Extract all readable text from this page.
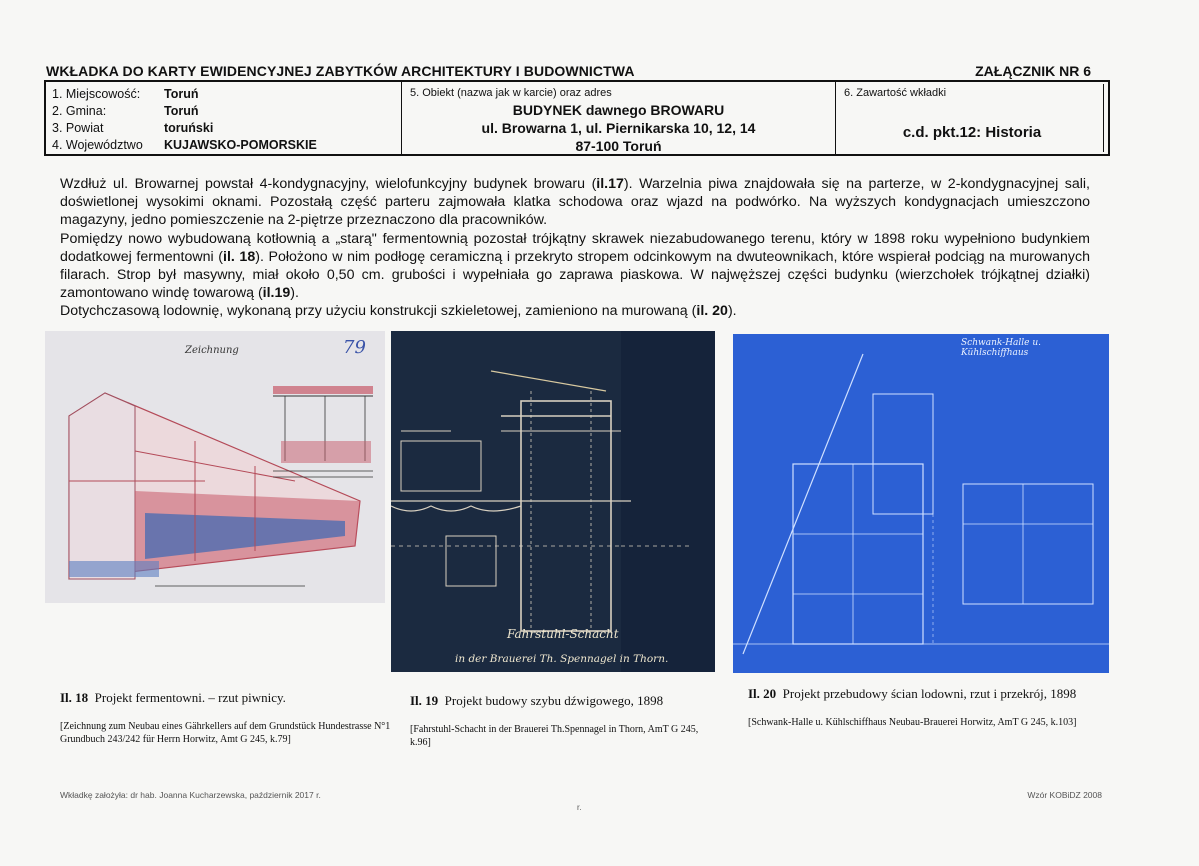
WKŁADKA DO KARTY EWIDENCYJNEJ ZABYTKÓW ARCHITEKTURY I BUDOWNICTWA	ZAŁĄCZNIK NR 6
1. Miejscowość: Toruń
2. Gmina:	Toruń
3. Powiat	toruński
4. Województwo KUJAWSKO-POMORSKIE
5. Obiekt (nazwa jak w karcie) oraz adres
BUDYNEK dawnego BROWARU
ul. Browarna 1, ul. Piernikarska 10, 12, 14
87-100 Toruń
6. Zawartość wkładki
c.d. pkt.12: Historia

Wzdłuż ul. Browarnej powstał 4-kondygnacyjny, wielofunkcyjny budynek browaru (il.17). Warzelnia piwa znajdowała się na parterze, w 2-kondygnacyjnej sali, doświetlonej wysokimi oknami. Pozostałą część parteru zajmowała klatka schodowa oraz wjazd na podwórko. Na wyższych kondygnacjach umieszczono magazyny, jedno pomieszczenie na 2-piętrze przeznaczono dla pracowników.

Pomiędzy nowo wybudowaną kotłownią a „starą" fermentownią pozostał trójkątny skrawek niezabudowanego terenu, który w 1898 roku wypełniono budynkiem dodatkowej fermentowni (il. 18). Położono w nim podłogę ceramiczną i przekryto stropem odcinkowym na dwuteownikach, które wspierał podciąg na murowanych filarach. Strop był masywny, miał około 0,50 cm. grubości i wypełniała go zaprawa piaskowa. W najwęższej części budynku (wierzchołek trójkątnej działki) zamontowano windę towarową (il.19).

Dotychczasową lodownię, wykonaną przy użyciu konstrukcji szkieletowej, zamieniono na murowaną (il. 20).

Zeichnung	79
Fahrstuhl-Schacht
in der Brauerei Th. Spennagel in Thorn.
Schwank-Halle u. Kühlschiffhaus
Il. 18 Projekt fermentowni. – rzut piwnicy.
[Zeichnung zum Neubau eines Gährkellers auf dem Grundstück Hundestrasse N°1 Grundbuch 243/242 für Herrn Horwitz, Amt G 245, k.79]
Il. 19 Projekt budowy szybu dźwigowego, 1898
[Fahrstuhl-Schacht in der Brauerei Th.Spennagel in Thorn, AmT G 245, k.96]
Il. 20 Projekt przebudowy ścian lodowni, rzut i przekrój, 1898
[Schwank-Halle u. Kühlschiffhaus Neubau-Brauerei Horwitz, AmT G 245, k.103]
Wkładkę założyła: dr hab. Joanna Kucharzewska, październik 2017 r.
r.
Wzór KOBiDZ 2008
